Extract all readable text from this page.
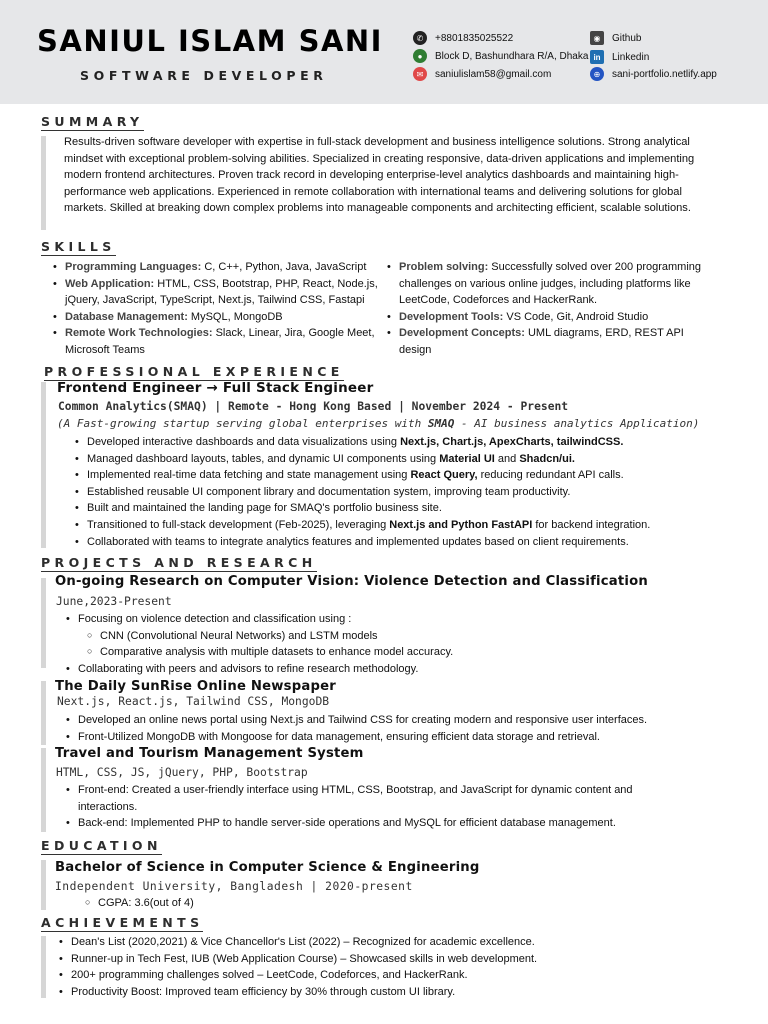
SANIUL ISLAM SANI
SOFTWARE DEVELOPER
✆	+8801835025522
●	Block D, Bashundhara R/A, Dhaka
✉	saniulislam58@gmail.com
◉	Github
in	Linkedin
⊕	sani-portfolio.netlify.app
SUMMARY
Results-driven software developer with expertise in full-stack development and business intelligence solutions. Strong analytical mindset with exceptional problem-solving abilities. Specialized in creating responsive, data-driven applications and implementing modern frontend architectures. Proven track record in developing enterprise-level analytics dashboards and maintaining high-performance web applications. Experienced in remote collaboration with international teams and delivering solutions for global markets. Skilled at breaking down complex problems into manageable components and architecting efficient, scalable solutions.
SKILLS
• Programming Languages: C, C++, Python, Java, JavaScript
• Web Application: HTML, CSS, Bootstrap, PHP, React, Node.js, jQuery, JavaScript, TypeScript, Next.js, Tailwind CSS, Fastapi
• Database Management: MySQL, MongoDB
• Remote Work Technologies: Slack, Linear, Jira, Google Meet, Microsoft Teams
• Problem solving: Successfully solved over 200 programming challenges on various online judges, including platforms like LeetCode, Codeforces and HackerRank.
• Development Tools: VS Code, Git, Android Studio
• Development Concepts: UML diagrams, ERD, REST API design
PROFESSIONAL EXPERIENCE
Frontend Engineer → Full Stack Engineer
Common Analytics(SMAQ) | Remote - Hong Kong Based | November 2024 - Present
(A Fast-growing startup serving global enterprises with SMAQ - AI business analytics Application)
• Developed interactive dashboards and data visualizations using Next.js, Chart.js, ApexCharts, tailwindCSS.
• Managed dashboard layouts, tables, and dynamic UI components using Material UI and Shadcn/ui.
• Implemented real-time data fetching and state management using React Query, reducing redundant API calls.
• Established reusable UI component library and documentation system, improving team productivity.
• Built and maintained the landing page for SMAQ's portfolio business site.
• Transitioned to full-stack development (Feb-2025), leveraging Next.js and Python FastAPI for backend integration.
• Collaborated with teams to integrate analytics features and implemented updates based on client requirements.
PROJECTS AND RESEARCH
On-going Research on Computer Vision: Violence Detection and Classification
June,2023-Present
• Focusing on violence detection and classification using :
○ CNN (Convolutional Neural Networks) and LSTM models
○ Comparative analysis with multiple datasets to enhance model accuracy.
• Collaborating with peers and advisors to refine research methodology.
The Daily SunRise Online Newspaper
Next.js, React.js, Tailwind CSS, MongoDB
• Developed an online news portal using Next.js and Tailwind CSS for creating modern and responsive user interfaces.
• Front-Utilized MongoDB with Mongoose for data management, ensuring efficient data storage and retrieval.
Travel and Tourism Management System
HTML, CSS, JS, jQuery, PHP, Bootstrap
• Front-end: Created a user-friendly interface using HTML, CSS, Bootstrap, and JavaScript for dynamic content and interactions.
• Back-end: Implemented PHP to handle server-side operations and MySQL for efficient database management.
EDUCATION
Bachelor of Science in Computer Science & Engineering
Independent University, Bangladesh | 2020-present
○ CGPA: 3.6(out of 4)
ACHIEVEMENTS
• Dean's List (2020,2021) & Vice Chancellor's List (2022) – Recognized for academic excellence.
• Runner-up in Tech Fest, IUB (Web Application Course) – Showcased skills in web development.
• 200+ programming challenges solved – LeetCode, Codeforces, and HackerRank.
• Productivity Boost: Improved team efficiency by 30% through custom UI library.
